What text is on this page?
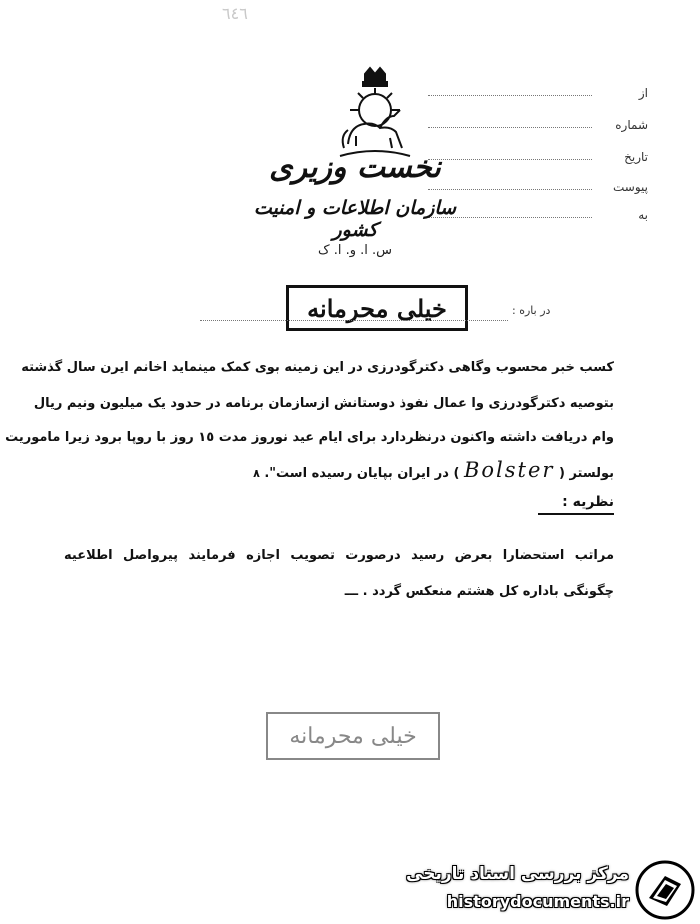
٦٤٦
از
شماره
تاریخ
پیوست
به
نخست وزیری
سازمان اطلاعات و امنیت کشور
س. ا. و. ا. ک
خیلی محرمانه	در باره :
کسب خبر محسوب وگاهی دکترگودرزی در این زمینه بوی کمک مینماید اخانم ایرن سال گذشته
بتوصیه دکترگودرزی وا عمال نفوذ دوستانش ازسازمان برنامه در حدود یک میلیون ونیم ریال
وام دریافت داشته واکنون درنظردارد برای ایام عید نوروز مدت ١٥ روز با روپا برود زیرا ماموریت
بولستر ( Bolster ) در ایران بپایان رسیده است". ٨
نظریه :
مراتب استحضارا بعرض رسید درصورت تصویب اجازه فرمایند پیرواصل اطلاعیه
چگونگی باداره کل هشتم منعکس گردد . ـــ
خیلی محرمانه
مرکز بررسی اسناد تاریخی
historydocuments.ir
